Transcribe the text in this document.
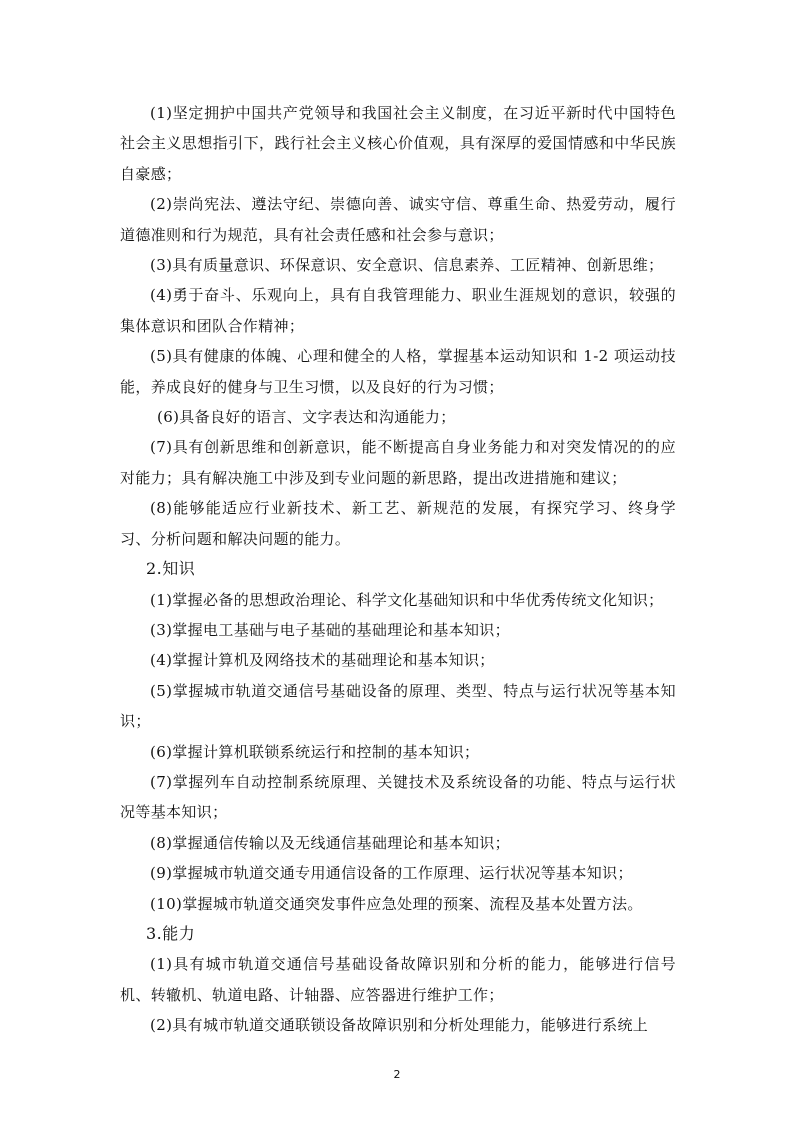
(1)坚定拥护中国共产党领导和我国社会主义制度，在习近平新时代中国特色社会主义思想指引下，践行社会主义核心价值观，具有深厚的爱国情感和中华民族自豪感；

(2)崇尚宪法、遵法守纪、崇德向善、诚实守信、尊重生命、热爱劳动，履行道德准则和行为规范，具有社会责任感和社会参与意识；

(3)具有质量意识、环保意识、安全意识、信息素养、工匠精神、创新思维；

(4)勇于奋斗、乐观向上，具有自我管理能力、职业生涯规划的意识，较强的集体意识和团队合作精神；

(5)具有健康的体魄、心理和健全的人格，掌握基本运动知识和 1-2 项运动技能，养成良好的健身与卫生习惯，以及良好的行为习惯；

(6)具备良好的语言、文字表达和沟通能力；

(7)具有创新思维和创新意识，能不断提高自身业务能力和对突发情况的的应对能力；具有解决施工中涉及到专业问题的新思路，提出改进措施和建议；

(8)能够能适应行业新技术、新工艺、新规范的发展，有探究学习、终身学习、分析问题和解决问题的能力。

2.知识

(1)掌握必备的思想政治理论、科学文化基础知识和中华优秀传统文化知识；

(3)掌握电工基础与电子基础的基础理论和基本知识；

(4)掌握计算机及网络技术的基础理论和基本知识；

(5)掌握城市轨道交通信号基础设备的原理、类型、特点与运行状况等基本知识；

(6)掌握计算机联锁系统运行和控制的基本知识；

(7)掌握列车自动控制系统原理、关键技术及系统设备的功能、特点与运行状况等基本知识；

(8)掌握通信传输以及无线通信基础理论和基本知识；

(9)掌握城市轨道交通专用通信设备的工作原理、运行状况等基本知识；

(10)掌握城市轨道交通突发事件应急处理的预案、流程及基本处置方法。

3.能力

(1)具有城市轨道交通信号基础设备故障识别和分析的能力，能够进行信号机、转辙机、轨道电路、计轴器、应答器进行维护工作；

(2)具有城市轨道交通联锁设备故障识别和分析处理能力，能够进行系统上

2
